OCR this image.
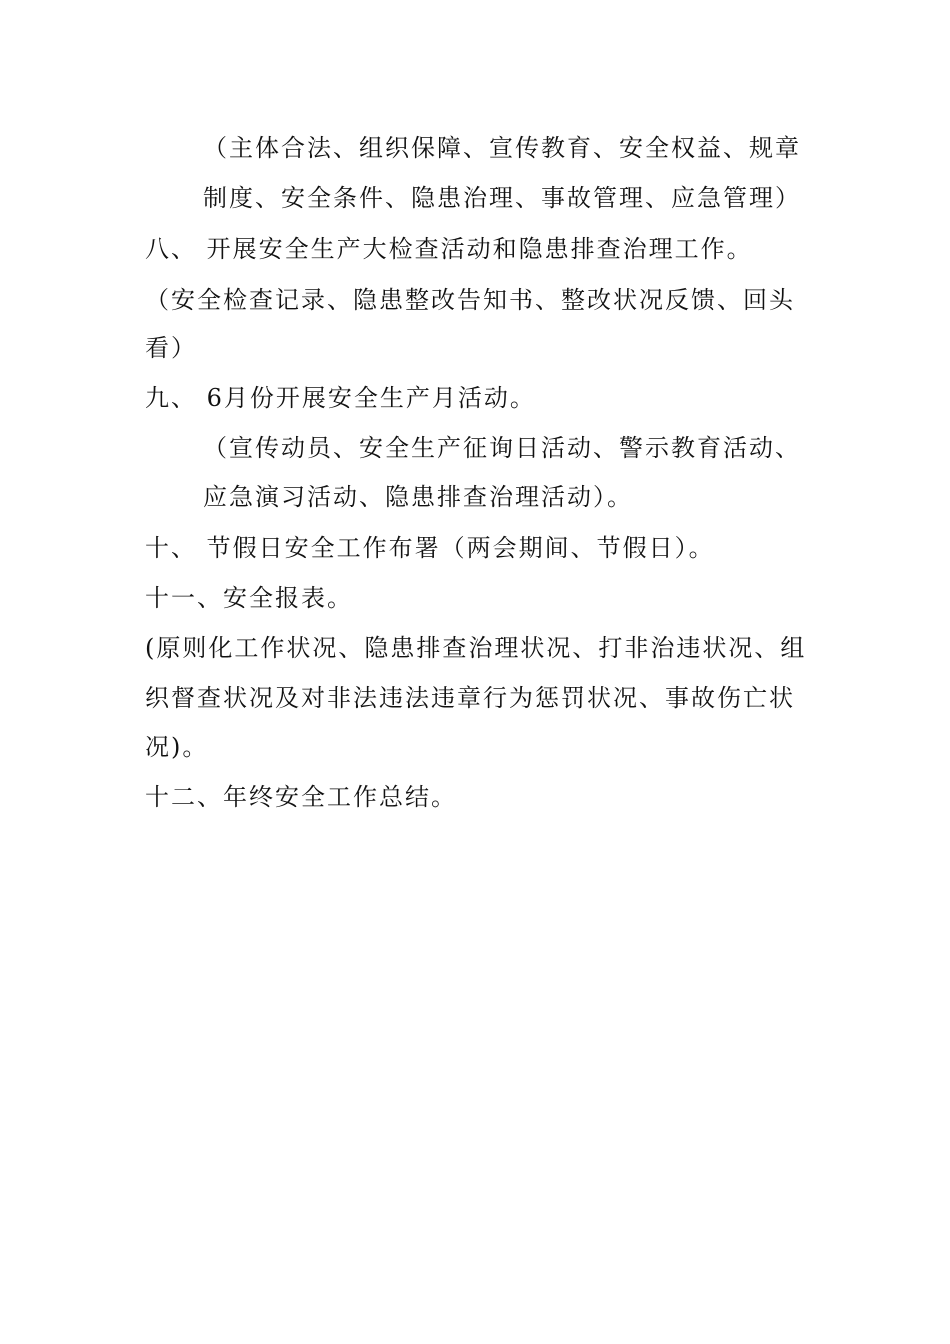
（主体合法、组织保障、宣传教育、安全权益、规章
制度、安全条件、隐患治理、事故管理、应急管理）
八、 开展安全生产大检查活动和隐患排查治理工作。
（安全检查记录、隐患整改告知书、整改状况反馈、回头
看）
九、 6月份开展安全生产月活动。
（宣传动员、安全生产征询日活动、警示教育活动、
应急演习活动、隐患排查治理活动）。
十、 节假日安全工作布署（两会期间、节假日）。
十一、安全报表。
(原则化工作状况、隐患排查治理状况、打非治违状况、组
织督查状况及对非法违法违章行为惩罚状况、事故伤亡状
况)。
十二、年终安全工作总结。
